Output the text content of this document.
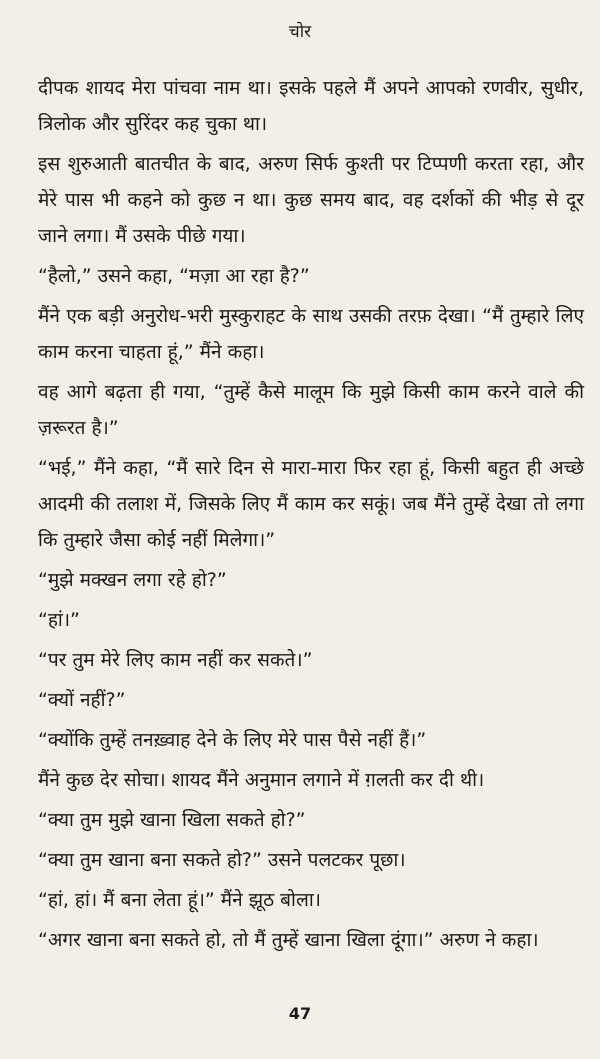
चोर

दीपक शायद मेरा पांचवा नाम था। इसके पहले मैं अपने आपको रणवीर, सुधीर, त्रिलोक और सुरिंदर कह चुका था।

इस शुरुआती बातचीत के बाद, अरुण सिर्फ कुश्ती पर टिप्पणी करता रहा, और मेरे पास भी कहने को कुछ न था। कुछ समय बाद, वह दर्शकों की भीड़ से दूर जाने लगा। मैं उसके पीछे गया।

“हैलो,” उसने कहा, “मज़ा आ रहा है?”

मैंने एक बड़ी अनुरोध-भरी मुस्कुराहट के साथ उसकी तरफ़ देखा। “मैं तुम्हारे लिए काम करना चाहता हूं,” मैंने कहा।

वह आगे बढ़ता ही गया, “तुम्हें कैसे मालूम कि मुझे किसी काम करने वाले की ज़रूरत है।”

“भई,” मैंने कहा, “मैं सारे दिन से मारा-मारा फिर रहा हूं, किसी बहुत ही अच्छे आदमी की तलाश में, जिसके लिए मैं काम कर सकूं। जब मैंने तुम्हें देखा तो लगा कि तुम्हारे जैसा कोई नहीं मिलेगा।”

“मुझे मक्खन लगा रहे हो?”

“हां।”

“पर तुम मेरे लिए काम नहीं कर सकते।”

“क्यों नहीं?”

“क्योंकि तुम्हें तनख़्वाह देने के लिए मेरे पास पैसे नहीं हैं।”

मैंने कुछ देर सोचा। शायद मैंने अनुमान लगाने में ग़लती कर दी थी।

“क्या तुम मुझे खाना खिला सकते हो?”

“क्या तुम खाना बना सकते हो?” उसने पलटकर पूछा।

“हां, हां। मैं बना लेता हूं।” मैंने झूठ बोला।

“अगर खाना बना सकते हो, तो मैं तुम्हें खाना खिला दूंगा।” अरुण ने कहा।

47
